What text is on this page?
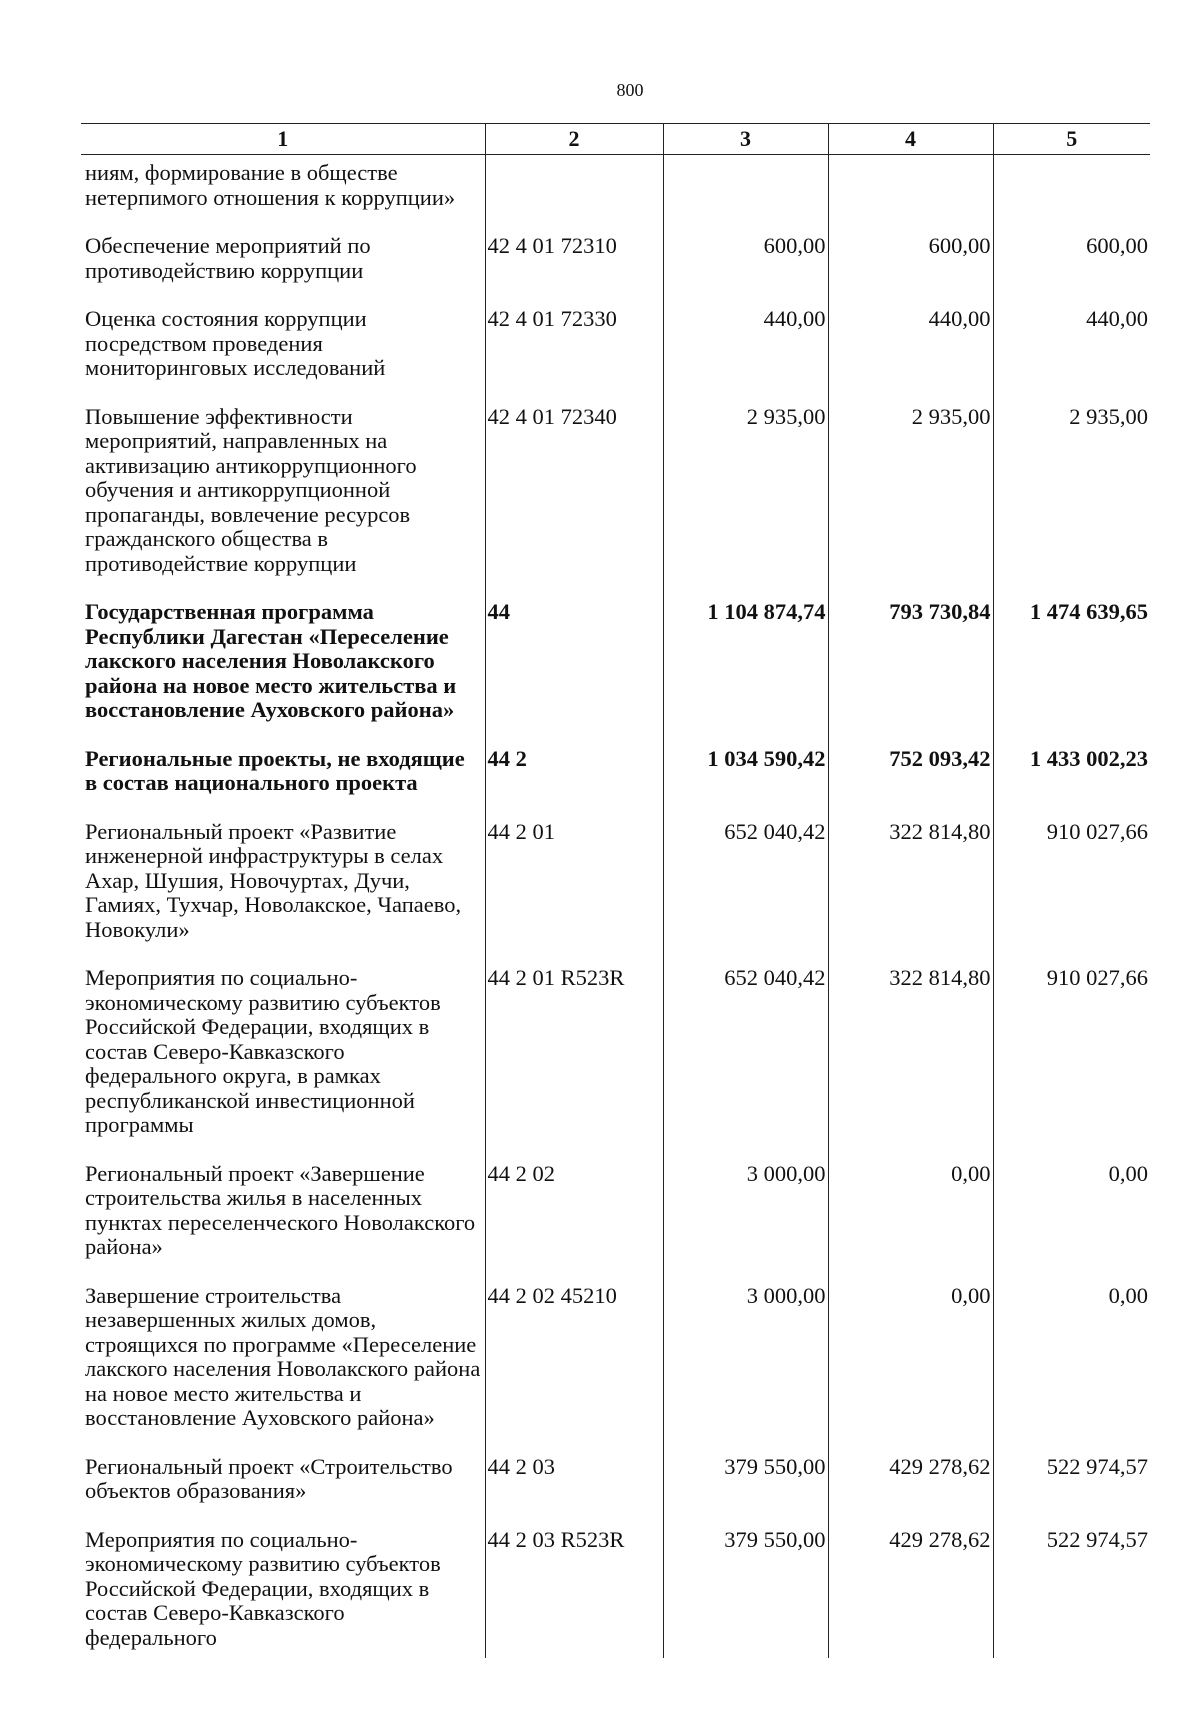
800
1	2	3	4	5
ниям, формирование в обществе нетерпимого отношения к коррупции»				
Обеспечение мероприятий по противодействию коррупции	42 4 01 72310	600,00	600,00	600,00
Оценка состояния коррупции посредством проведения мониторинговых исследований	42 4 01 72330	440,00	440,00	440,00
Повышение эффективности мероприятий, направленных на активизацию антикоррупционного обучения и антикоррупционной пропаганды, вовлечение ресурсов гражданского общества в противодействие коррупции	42 4 01 72340	2 935,00	2 935,00	2 935,00
Государственная программа Республики Дагестан «Переселение лакского населения Новолакского района на новое место жительства и восстановление Ауховского района»	44	1 104 874,74	793 730,84	1 474 639,65
Региональные проекты, не входящие в состав национального проекта	44 2	1 034 590,42	752 093,42	1 433 002,23
Региональный проект «Развитие инженерной инфраструктуры в селах Ахар, Шушия, Новочуртах, Дучи, Гамиях, Тухчар, Новолакское, Чапаево, Новокули»	44 2 01	652 040,42	322 814,80	910 027,66
Мероприятия по социально-экономическому развитию субъектов Российской Федерации, входящих в состав Северо-Кавказского федерального округа, в рамках республиканской инвестиционной программы	44 2 01 R523R	652 040,42	322 814,80	910 027,66
Региональный проект «Завершение строительства жилья в населенных пунктах переселенческого Новолакского района»	44 2 02	3 000,00	0,00	0,00
Завершение строительства незавершенных жилых домов, строящихся по программе «Переселение лакского населения Новолакского района на новое место жительства и восстановление Ауховского района»	44 2 02 45210	3 000,00	0,00	0,00
Региональный проект «Строительство объектов образования»	44 2 03	379 550,00	429 278,62	522 974,57
Мероприятия по социально-экономическому развитию субъектов Российской Федерации, входящих в состав Северо-Кавказского федерального	44 2 03 R523R	379 550,00	429 278,62	522 974,57
